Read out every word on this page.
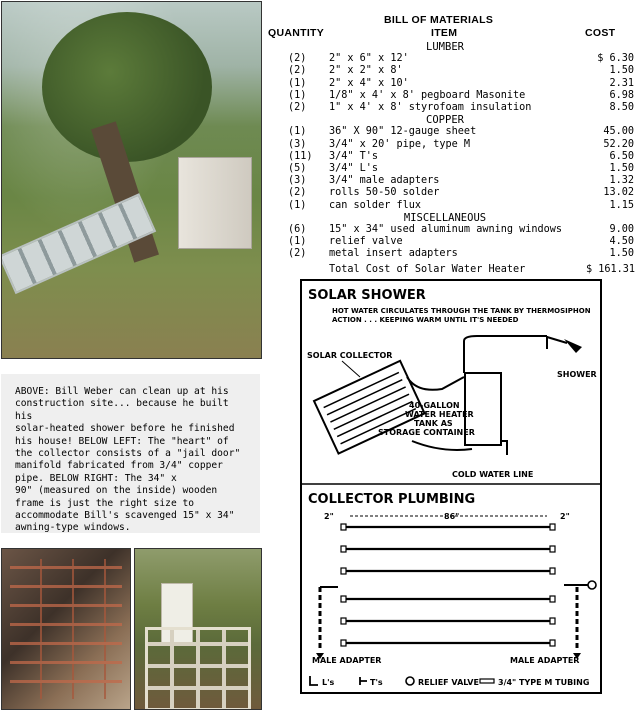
ABOVE: Bill Weber can clean up at his
construction site... because he built his
solar-heated shower before he finished
his house! BELOW LEFT: The "heart" of
the collector consists of a "jail door"
manifold fabricated from 3/4" copper
pipe. BELOW RIGHT: The 34" x
90" (measured on the inside) wooden
frame is just the right size to
accommodate Bill's scavenged 15" x 34"
awning-type windows.
BILL OF MATERIALS
QUANTITY	ITEM	COST
LUMBER
(2) 2" x 6" x 12'	$ 6.30
(2) 2" x 2" x 8'	1.50
(1) 2" x 4" x 10'	2.31
(1) 1/8" x 4' x 8' pegboard Masonite	6.98
(2) 1" x 4' x 8' styrofoam insulation	8.50
COPPER
(1) 36" X 90" 12-gauge sheet	45.00
(3) 3/4" x 20' pipe, type M	52.20
(11) 3/4" T's	6.50
(5) 3/4" L's	1.50
(3) 3/4" male adapters	1.32
(2) rolls 50-50 solder	13.02
(1) can solder flux	1.15
MISCELLANEOUS
(6) 15" x 34" used aluminum awning windows	9.00
(1) relief valve	4.50
(2) metal insert adapters	1.50
Total Cost of Solar Water Heater	$ 161.31
SOLAR SHOWER
HOT WATER CIRCULATES THROUGH THE TANK BY THERMOSIPHON
ACTION . . . KEEPING WARM UNTIL IT'S NEEDED
SOLAR COLLECTOR
SHOWER
40-GALLON
WATER HEATER
TANK AS
STORAGE CONTAINER
COLD WATER LINE
COLLECTOR PLUMBING
2"	86"	2"
MALE ADAPTER	MALE ADAPTER
L's	T's	RELIEF VALVE 3/4" TYPE M TUBING
